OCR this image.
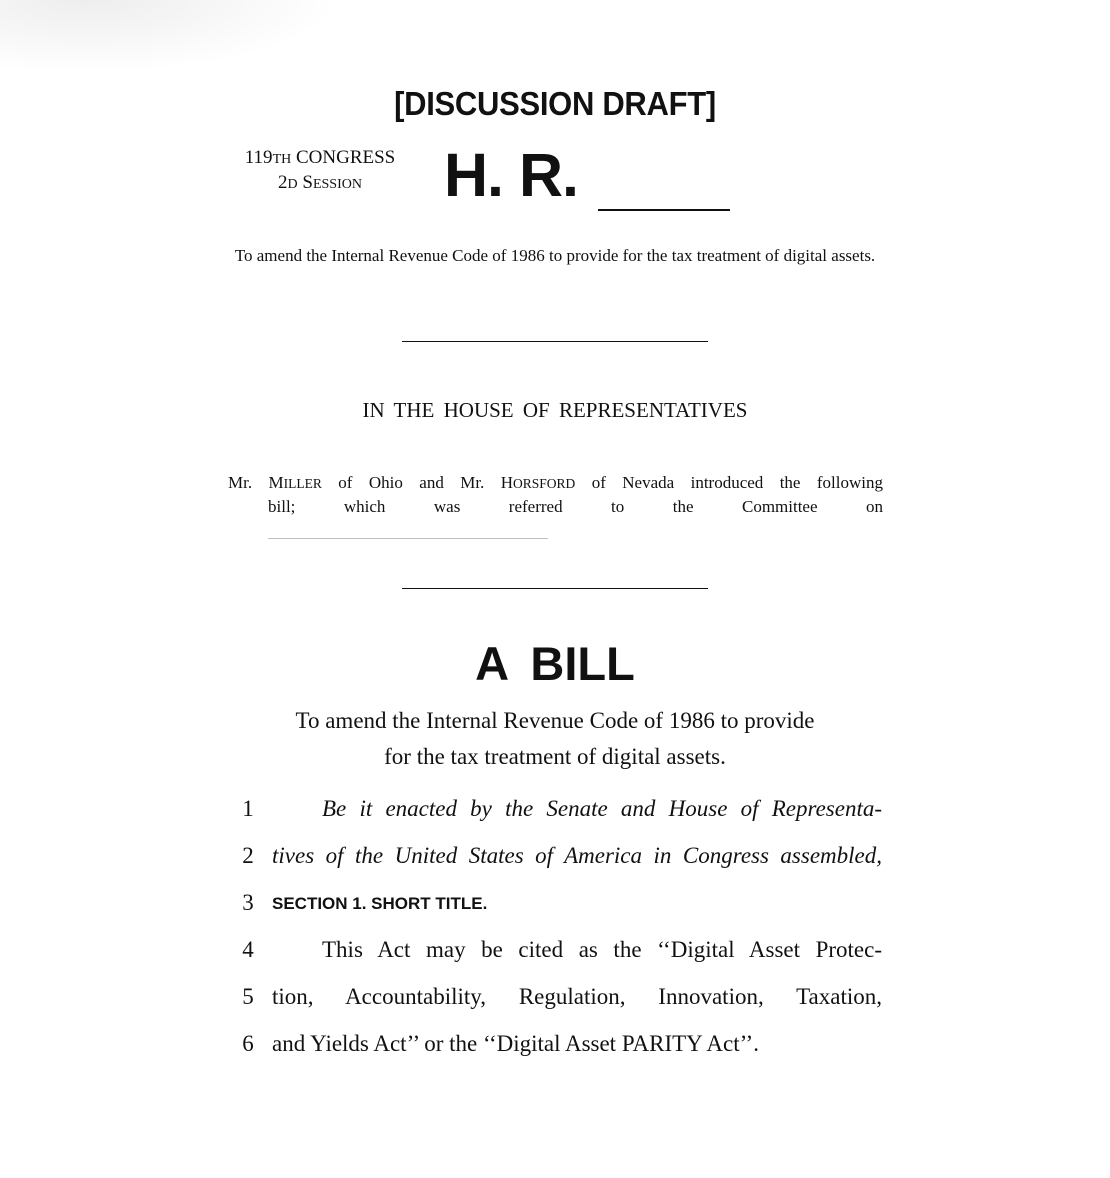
[DISCUSSION DRAFT]
119TH CONGRESS
2D SESSION	H. R.
To amend the Internal Revenue Code of 1986 to provide for the tax treatment of digital assets.
IN THE HOUSE OF REPRESENTATIVES
Mr. MILLER of Ohio and Mr. HORSFORD of Nevada introduced the following
bill; which was referred to the Committee on
A BILL
To amend the Internal Revenue Code of 1986 to provide
for the tax treatment of digital assets.
1	Be it enacted by the Senate and House of Representa-
2 tives of the United States of America in Congress assembled,
3 SECTION 1. SHORT TITLE.
4	This Act may be cited as the ‘‘Digital Asset Protec-
5 tion, Accountability, Regulation, Innovation, Taxation,
6 and Yields Act’’ or the ‘‘Digital Asset PARITY Act’’.
